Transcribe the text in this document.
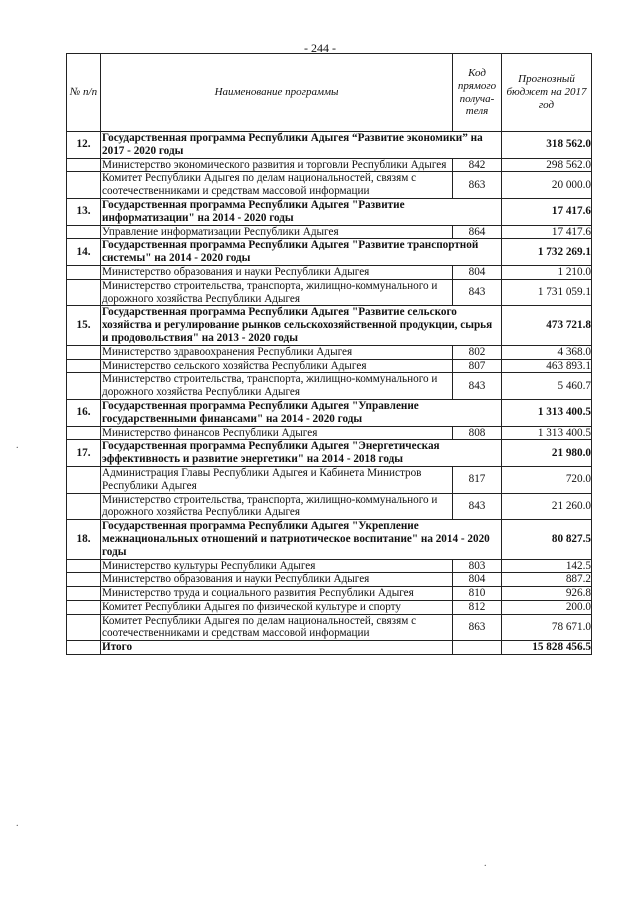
- 244 -
№ п/п	Наименование программы	Код прямого получа-теля	Прогнозный бюджет на 2017 год
12.	Государственная программа Республики Адыгея “Развитие экономики” на 2017 - 2020 годы		318 562.0
	Министерство экономического развития и торговли Республики Адыгея	842	298 562.0
	Комитет Республики Адыгея по делам национальностей, связям с соотечественниками и средствам массовой информации	863	20 000.0
13.	Государственная программа Республики Адыгея "Развитие информатизации" на 2014 - 2020 годы		17 417.6
	Управление информатизации Республики Адыгея	864	17 417.6
14.	Государственная программа Республики Адыгея "Развитие транспортной системы" на 2014 - 2020 годы		1 732 269.1
	Министерство образования и науки Республики Адыгея	804	1 210.0
	Министерство строительства, транспорта, жилищно-коммунального и дорожного хозяйства Республики Адыгея	843	1 731 059.1
15.	Государственная программа Республики Адыгея "Развитие сельского хозяйства и регулирование рынков сельскохозяйственной продукции, сырья и продовольствия" на 2013 - 2020 годы		473 721.8
	Министерство здравоохранения Республики Адыгея	802	4 368.0
	Министерство сельского хозяйства Республики Адыгея	807	463 893.1
	Министерство строительства, транспорта, жилищно-коммунального и дорожного хозяйства Республики Адыгея	843	5 460.7
16.	Государственная программа Республики Адыгея "Управление государственными финансами" на 2014 - 2020 годы		1 313 400.5
	Министерство финансов Республики Адыгея	808	1 313 400.5
17.	Государственная программа Республики Адыгея "Энергетическая эффективность и развитие энергетики" на 2014 - 2018 годы		21 980.0
	Администрация Главы Республики Адыгея и Кабинета Министров Республики Адыгея	817	720.0
	Министерство строительства, транспорта, жилищно-коммунального и дорожного хозяйства Республики Адыгея	843	21 260.0
18.	Государственная программа Республики Адыгея "Укрепление межнациональных отношений и патриотическое воспитание" на 2014 - 2020 годы		80 827.5
	Министерство культуры Республики Адыгея	803	142.5
	Министерство образования и науки Республики Адыгея	804	887.2
	Министерство труда и социального развития Республики Адыгея	810	926.8
	Комитет Республики Адыгея по физической культуре и спорту	812	200.0
	Комитет Республики Адыгея по делам национальностей, связям с соотечественниками и средствам массовой информации	863	78 671.0
	Итого		15 828 456.5
.
.
.
